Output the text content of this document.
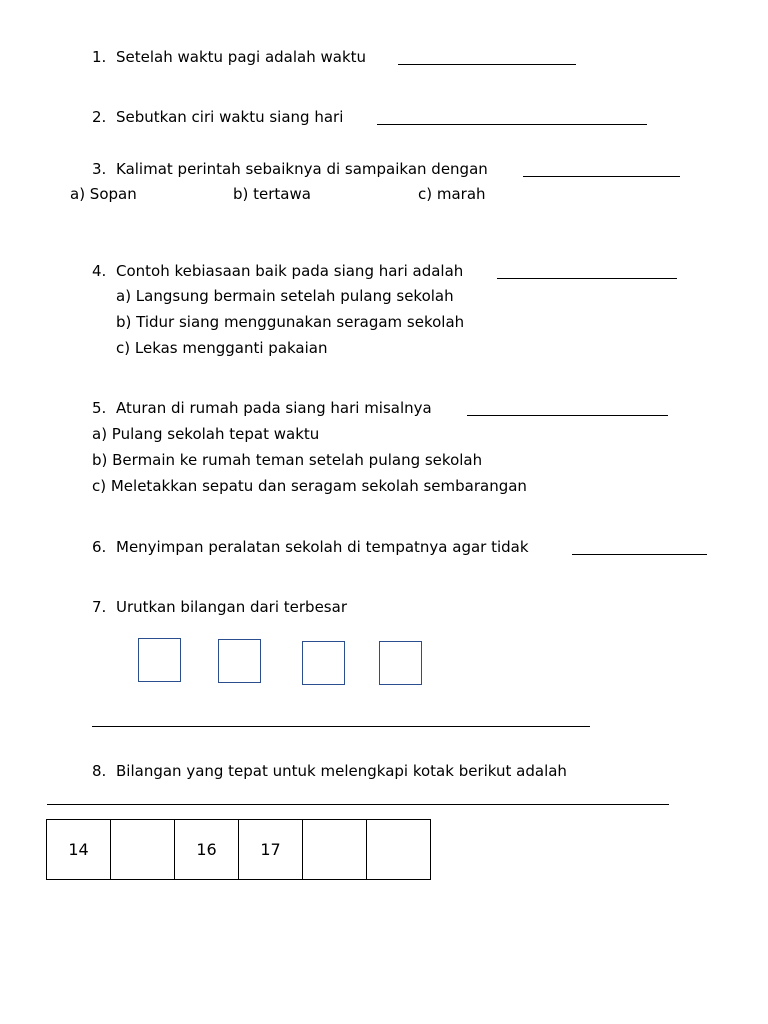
1. Setelah waktu pagi adalah waktu
2. Sebutkan ciri waktu siang hari
3. Kalimat perintah sebaiknya di sampaikan dengan
a) Sopan	b) tertawa	c) marah
4. Contoh kebiasaan baik pada siang hari adalah
a) Langsung bermain setelah pulang sekolah
b) Tidur siang menggunakan seragam sekolah
c) Lekas mengganti pakaian
5. Aturan di rumah pada siang hari misalnya
a) Pulang sekolah tepat waktu
b) Bermain ke rumah teman setelah pulang sekolah
c) Meletakkan sepatu dan seragam sekolah sembarangan
6. Menyimpan peralatan sekolah di tempatnya agar tidak
7. Urutkan bilangan dari terbesar
8. Bilangan yang tepat untuk melengkapi kotak berikut adalah
14		16	17		
